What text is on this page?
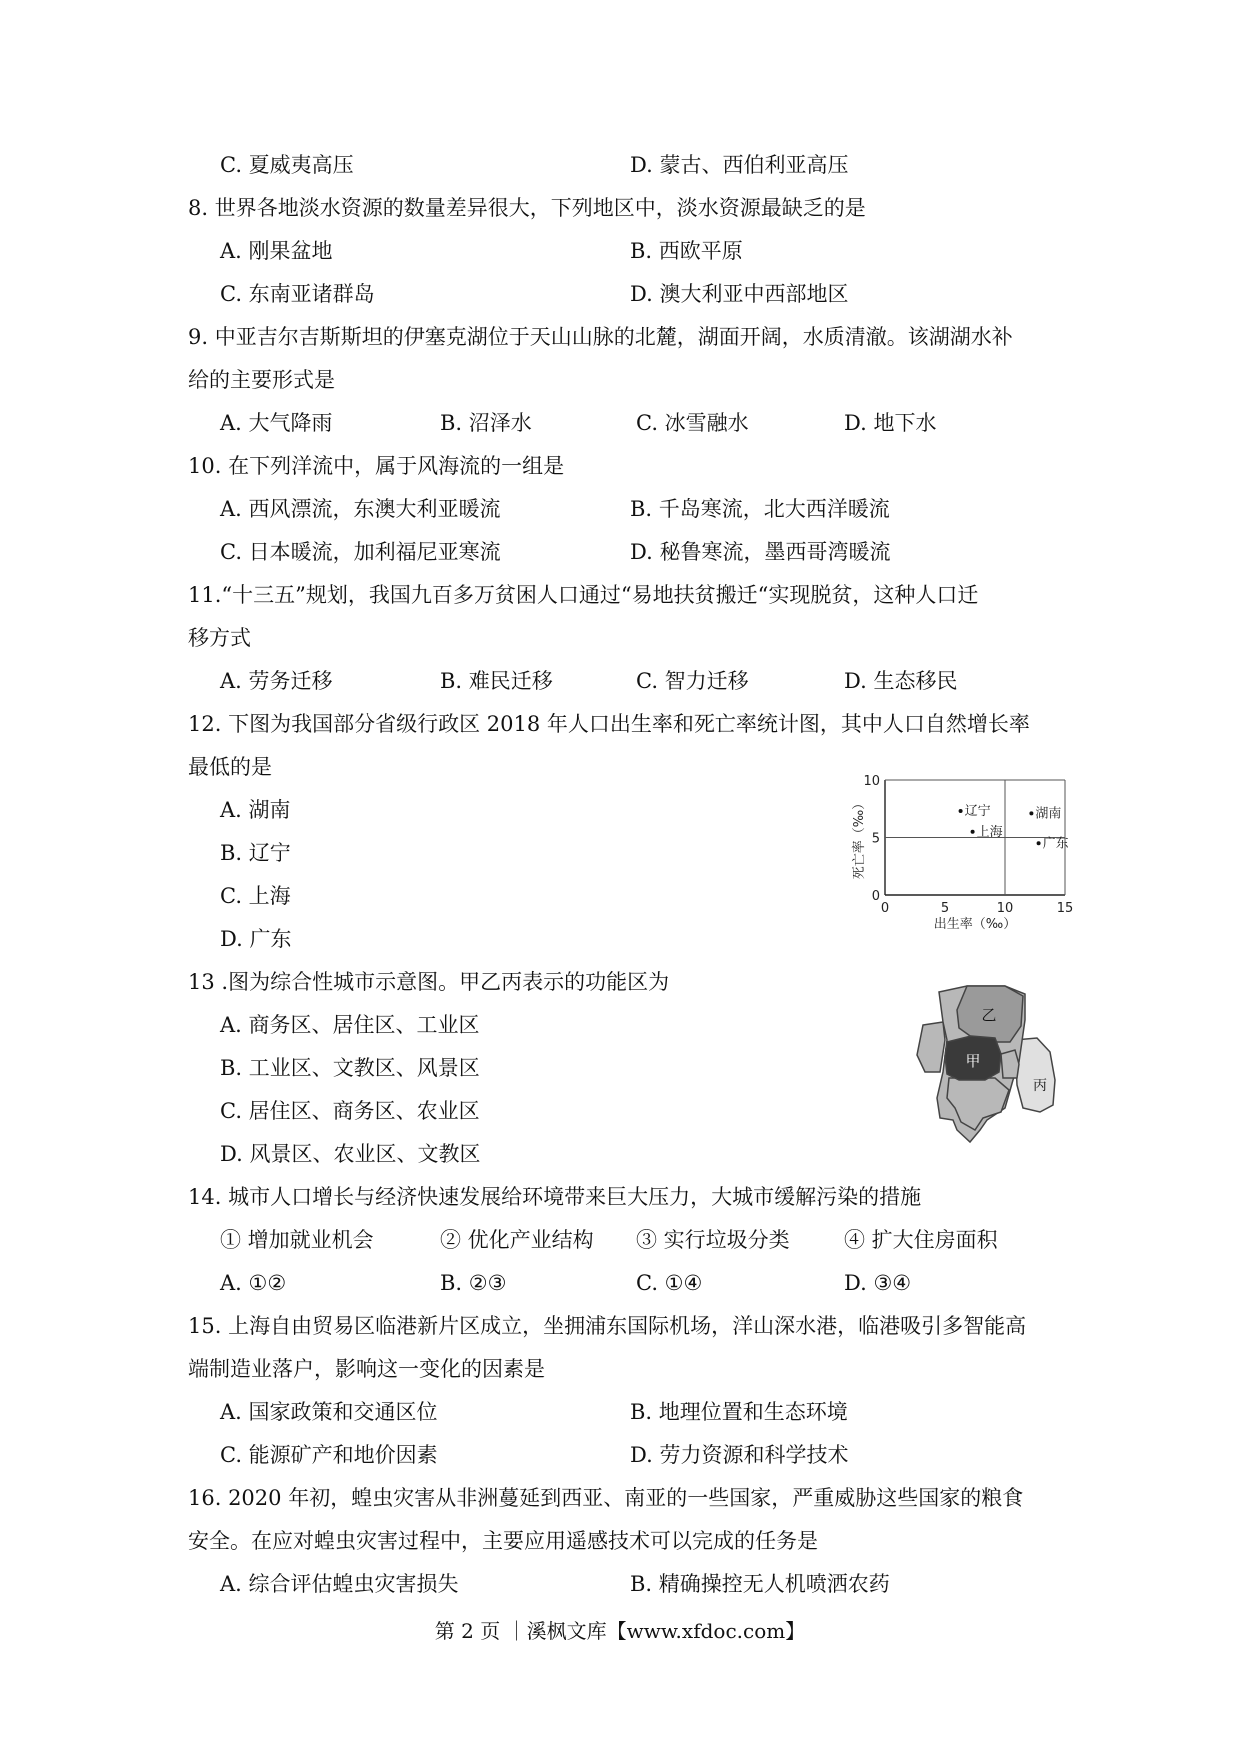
C. 夏威夷高压	D. 蒙古、西伯利亚高压
8. 世界各地淡水资源的数量差异很大，下列地区中，淡水资源最缺乏的是
A. 刚果盆地	B. 西欧平原
C. 东南亚诸群岛	D. 澳大利亚中西部地区
9. 中亚吉尔吉斯斯坦的伊塞克湖位于天山山脉的北麓，湖面开阔，水质清澈。该湖湖水补
给的主要形式是
A. 大气降雨	B. 沼泽水	C. 冰雪融水	D. 地下水
10. 在下列洋流中，属于风海流的一组是
A. 西风漂流，东澳大利亚暖流	B. 千岛寒流，北大西洋暖流
C. 日本暖流，加利福尼亚寒流	D. 秘鲁寒流，墨西哥湾暖流
11.“十三五”规划，我国九百多万贫困人口通过“易地扶贫搬迁“实现脱贫，这种人口迁
移方式
A. 劳务迁移	B. 难民迁移	C. 智力迁移	D. 生态移民
12. 下图为我国部分省级行政区 2018 年人口出生率和死亡率统计图，其中人口自然增长率
最低的是
A. 湖南
B. 辽宁
C. 上海
D. 广东
死亡率（‰）
出生率（‰）
0	5	10	15
0
5
10
辽宁
上海
湖南
广东
13 .图为综合性城市示意图。甲乙丙表示的功能区为
A. 商务区、居住区、工业区
B. 工业区、文教区、风景区
C. 居住区、商务区、农业区
D. 风景区、农业区、文教区
乙
甲
丙
14. 城市人口增长与经济快速发展给环境带来巨大压力，大城市缓解污染的措施
① 增加就业机会	② 优化产业结构 ③ 实行垃圾分类	④ 扩大住房面积
A. ①②	B. ②③	C. ①④	D. ③④
15. 上海自由贸易区临港新片区成立，坐拥浦东国际机场，洋山深水港，临港吸引多智能高
端制造业落户，影响这一变化的因素是
A. 国家政策和交通区位	B. 地理位置和生态环境
C. 能源矿产和地价因素	D. 劳力资源和科学技术
16. 2020 年初，蝗虫灾害从非洲蔓延到西亚、南亚的一些国家，严重威胁这些国家的粮食
安全。在应对蝗虫灾害过程中，主要应用遥感技术可以完成的任务是
A. 综合评估蝗虫灾害损失	B. 精确操控无人机喷洒农药
第 2 页 ｜溪枫文库【www.xfdoc.com】
